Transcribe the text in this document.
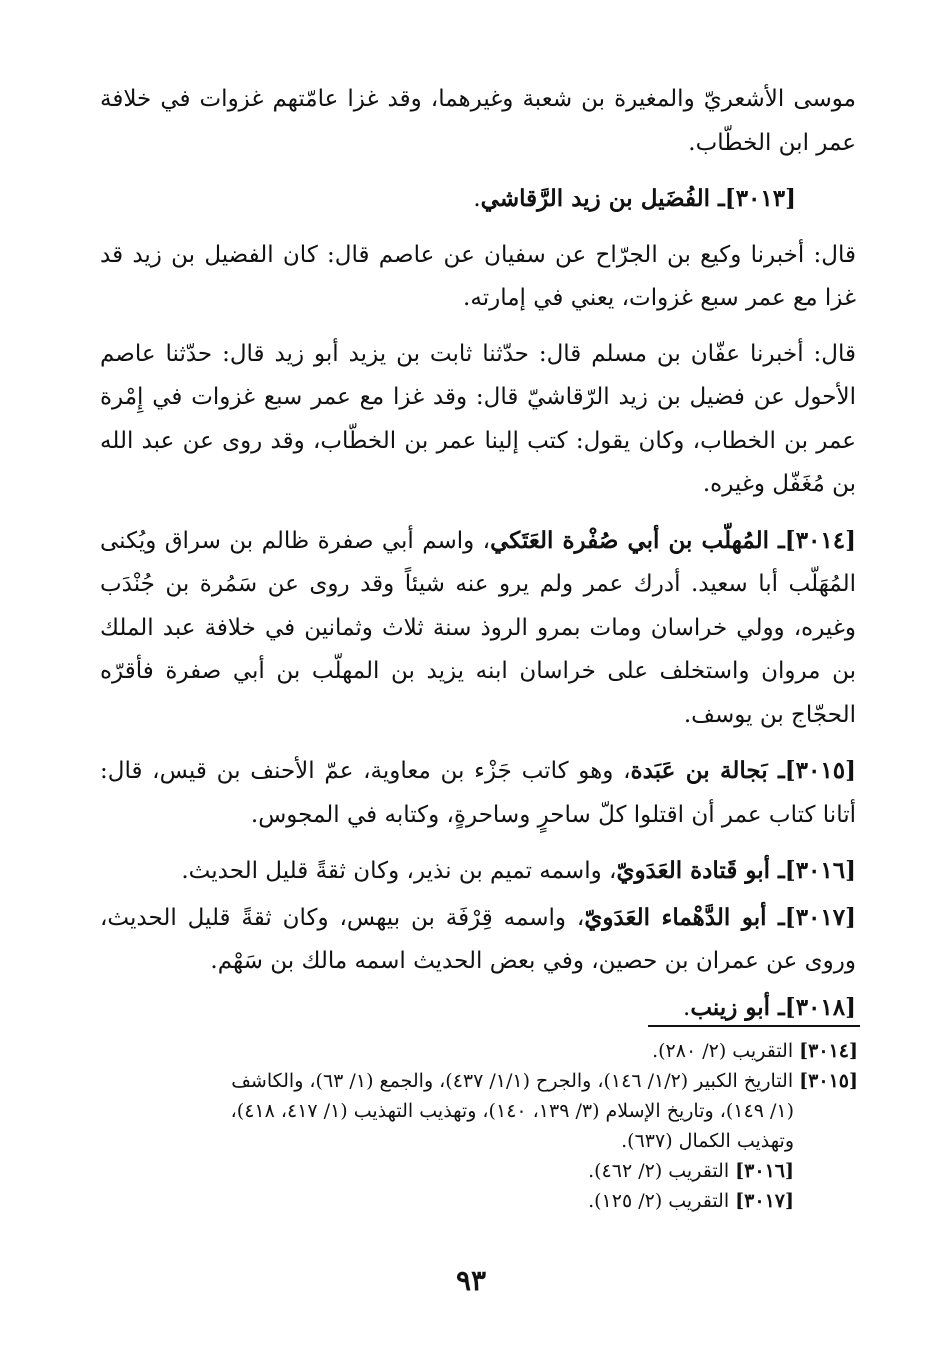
موسى الأشعريّ والمغيرة بن شعبة وغيرهما، وقد غزا عامّتهم غزوات في خلافة عمر ابن الخطّاب.

[٣٠١٣]ـ الفُضَيل بن زيد الرَّقاشي.

قال: أخبرنا وكيع بن الجرّاح عن سفيان عن عاصم قال: كان الفضيل بن زيد قد غزا مع عمر سبع غزوات، يعني في إمارته.

قال: أخبرنا عفّان بن مسلم قال: حدّثنا ثابت بن يزيد أبو زيد قال: حدّثنا عاصم الأحول عن فضيل بن زيد الرّقاشيّ قال: وقد غزا مع عمر سبع غزوات في إِمْرة عمر بن الخطاب، وكان يقول: كتب إلينا عمر بن الخطّاب، وقد روى عن عبد الله بن مُغَفّل وغيره.

[٣٠١٤]ـ المُهلّب بن أبي صُفْرة العَتَكي، واسم أبي صفرة ظالم بن سراق ويُكنى المُهَلّب أبا سعيد. أدرك عمر ولم يرو عنه شيئاً وقد روى عن سَمُرة بن جُنْدَب وغيره، وولي خراسان ومات بمرو الروذ سنة ثلاث وثمانين في خلافة عبد الملك بن مروان واستخلف على خراسان ابنه يزيد بن المهلّب بن أبي صفرة فأقرّه الحجّاج بن يوسف.

[٣٠١٥]ـ بَجالة بن عَبَدة، وهو كاتب جَزْء بن معاوية، عمّ الأحنف بن قيس، قال: أتانا كتاب عمر أن اقتلوا كلّ ساحرٍ وساحرةٍ، وكتابه في المجوس.

[٣٠١٦]ـ أبو قَتادة العَدَويّ، واسمه تميم بن نذير، وكان ثقةً قليل الحديث.

[٣٠١٧]ـ أبو الدَّهْماء العَدَويّ، واسمه قِرْفَة بن بيهس، وكان ثقةً قليل الحديث، وروى عن عمران بن حصين، وفي بعض الحديث اسمه مالك بن سَهْم.

[٣٠١٨]ـ أبو زينب.

[٣٠١٤] التقريب (٢/ ٢٨٠).

[٣٠١٥] التاريخ الكبير (١/٢/ ١٤٦)، والجرح (١/١/ ٤٣٧)، والجمع (١/ ٦٣)، والكاشف

(١/ ١٤٩)، وتاريخ الإسلام (٣/ ١٣٩، ١٤٠)، وتهذيب التهذيب (١/ ٤١٧، ٤١٨)،

وتهذيب الكمال (٦٣٧).

[٣٠١٦] التقريب (٢/ ٤٦٢).

[٣٠١٧] التقريب (٢/ ١٢٥).

٩٣
